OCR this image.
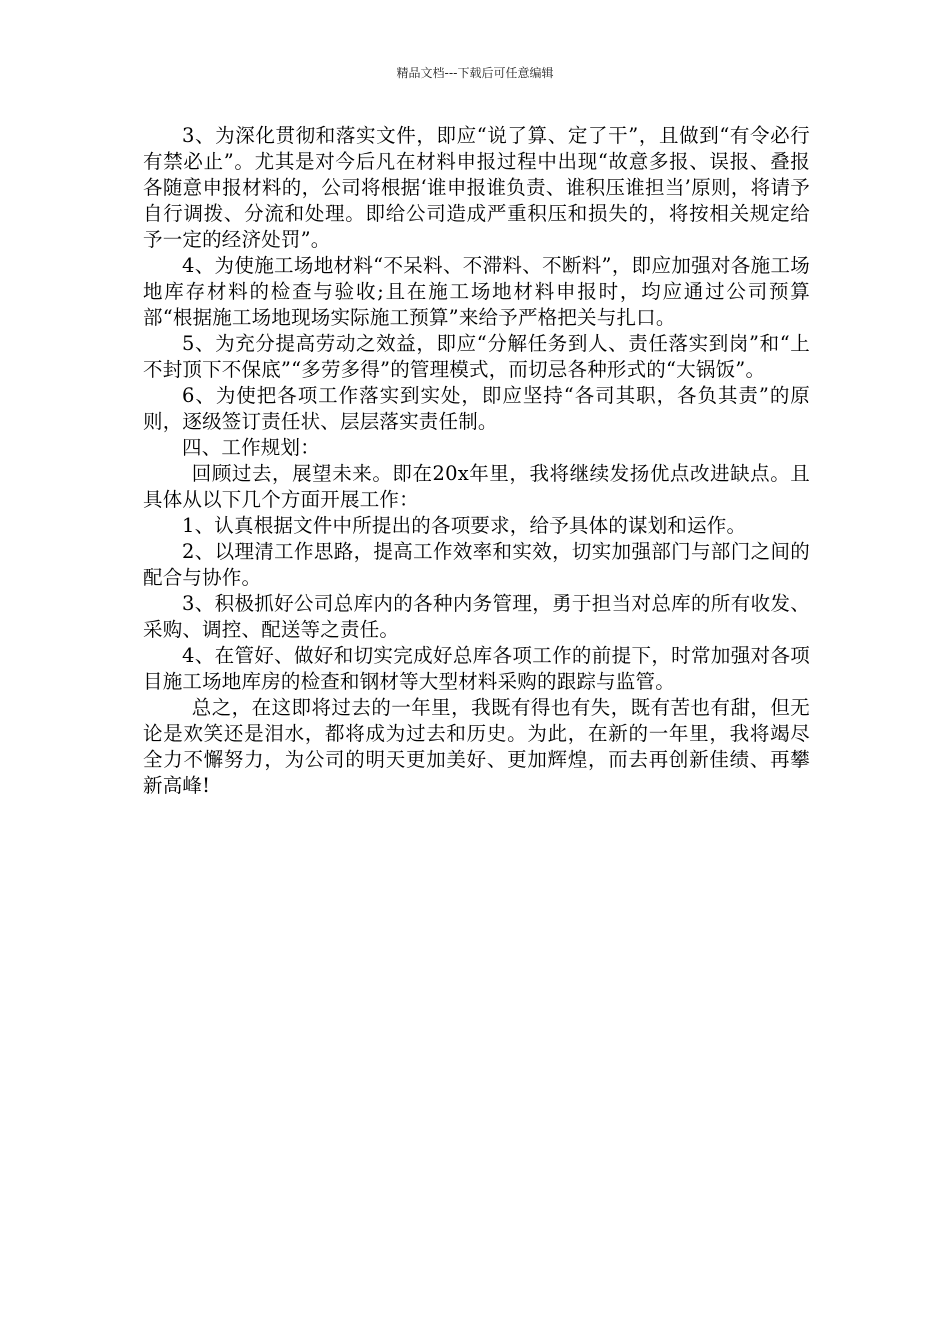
精品文档---下载后可任意编辑

3、为深化贯彻和落实文件，即应“说了算、定了干”，且做到“有令必行有禁必止”。尤其是对今后凡在材料申报过程中出现“故意多报、误报、叠报各随意申报材料的，公司将根据‘谁申报谁负责、谁积压谁担当’原则，将请予自行调拨、分流和处理。即给公司造成严重积压和损失的，将按相关规定给予一定的经济处罚”。

4、为使施工场地材料“不呆料、不滞料、不断料”，即应加强对各施工场地库存材料的检查与验收;且在施工场地材料申报时，均应通过公司预算部“根据施工场地现场实际施工预算”来给予严格把关与扎口。

5、为充分提高劳动之效益，即应“分解任务到人、责任落实到岗”和“上不封顶下不保底”“多劳多得”的管理模式，而切忌各种形式的“大锅饭”。

6、为使把各项工作落实到实处，即应坚持“各司其职，各负其责”的原则，逐级签订责任状、层层落实责任制。

四、工作规划：

回顾过去，展望未来。即在20x年里，我将继续发扬优点改进缺点。且具体从以下几个方面开展工作：

1、认真根据文件中所提出的各项要求，给予具体的谋划和运作。

2、以理清工作思路，提高工作效率和实效，切实加强部门与部门之间的配合与协作。

3、积极抓好公司总库内的各种内务管理，勇于担当对总库的所有收发、采购、调控、配送等之责任。

4、在管好、做好和切实完成好总库各项工作的前提下，时常加强对各项目施工场地库房的检查和钢材等大型材料采购的跟踪与监管。

总之，在这即将过去的一年里，我既有得也有失，既有苦也有甜，但无论是欢笑还是泪水，都将成为过去和历史。为此，在新的一年里，我将竭尽全力不懈努力，为公司的明天更加美好、更加辉煌，而去再创新佳绩、再攀新高峰!
